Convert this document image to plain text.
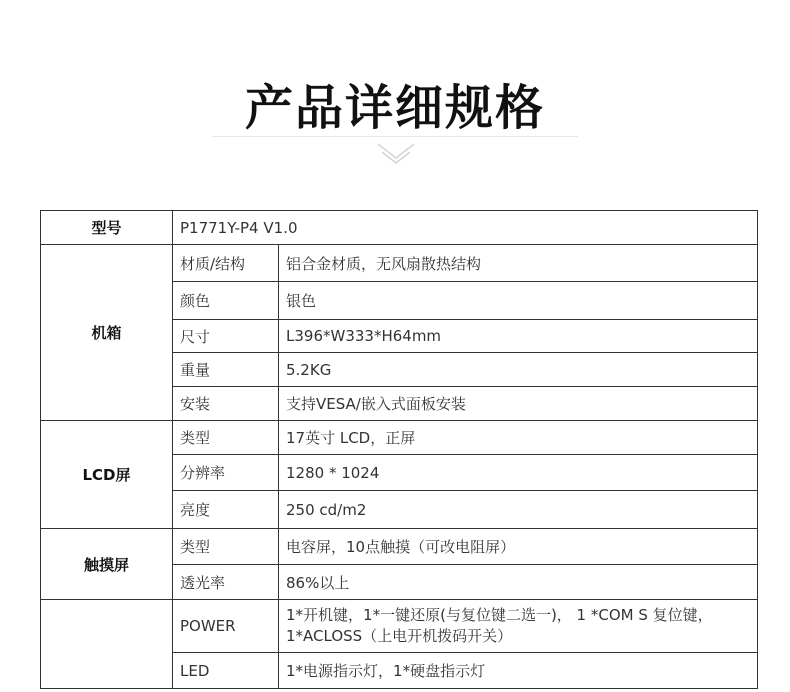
产品详细规格
型号	P1771Y-P4 V1.0	
机箱	材质/结构	铝合金材质，无风扇散热结构
	颜色	银色
	尺寸	L396*W333*H64mm
	重量	5.2KG
	安装	支持VESA/嵌入式面板安装
LCD屏	类型	17英寸 LCD，正屏
	分辨率	1280 * 1024
	亮度	250 cd/m2
触摸屏	类型	电容屏，10点触摸（可改电阻屏）
	透光率	86%以上
	POWER	1*开机键，1*一键还原(与复位键二选一)， 1 *COM S 复位键，1*ACLOSS（上电开机拨码开关）
	LED	1*电源指示灯，1*硬盘指示灯
